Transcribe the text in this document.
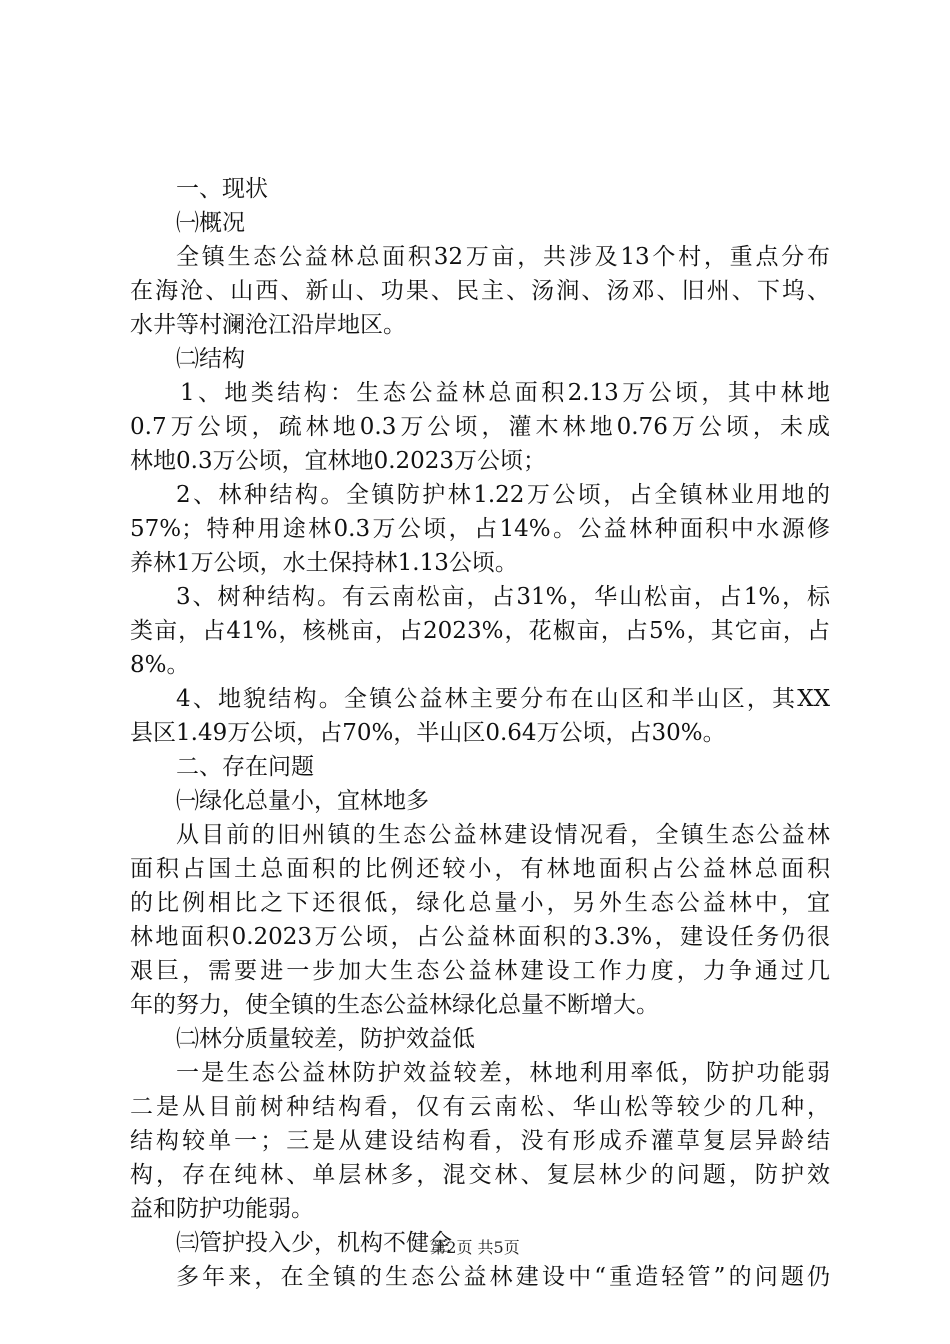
一、现状
㈠概况
全镇生态公益林总面积32万亩，共涉及13个村，重点分布
在海沧、山西、新山、功果、民主、汤涧、汤邓、旧州、下坞、
水井等村澜沧江沿岸地区。
㈡结构
1、地类结构：生态公益林总面积2.13万公顷，其中林地
0.7万公顷，疏林地0.3万公顷，灌木林地0.76万公顷，未成
林地0.3万公顷，宜林地0.2023万公顷；
2、林种结构。全镇防护林1.22万公顷，占全镇林业用地的
57%；特种用途林0.3万公顷，占14%。公益林种面积中水源修
养林1万公顷，水土保持林1.13公顷。
3、树种结构。有云南松亩，占31%，华山松亩，占1%，标
类亩，占41%，核桃亩，占2023%，花椒亩，占5%，其它亩，占
8%。
4、地貌结构。全镇公益林主要分布在山区和半山区，其XX
县区1.49万公顷，占70%，半山区0.64万公顷，占30%。
二、存在问题
㈠绿化总量小，宜林地多
从目前的旧州镇的生态公益林建设情况看，全镇生态公益林
面积占国土总面积的比例还较小，有林地面积占公益林总面积
的比例相比之下还很低，绿化总量小，另外生态公益林中，宜
林地面积0.2023万公顷，占公益林面积的3.3%，建设任务仍很
艰巨，需要进一步加大生态公益林建设工作力度，力争通过几
年的努力，使全镇的生态公益林绿化总量不断增大。
㈡林分质量较差，防护效益低
一是生态公益林防护效益较差，林地利用率低，防护功能弱
二是从目前树种结构看，仅有云南松、华山松等较少的几种，
结构较单一；三是从建设结构看，没有形成乔灌草复层异龄结
构，存在纯林、单层林多，混交林、复层林少的问题，防护效
益和防护功能弱。
㈢管护投入少，机构不健全
多年来，在全镇的生态公益林建设中“重造轻管”的问题仍
第2页 共5页
